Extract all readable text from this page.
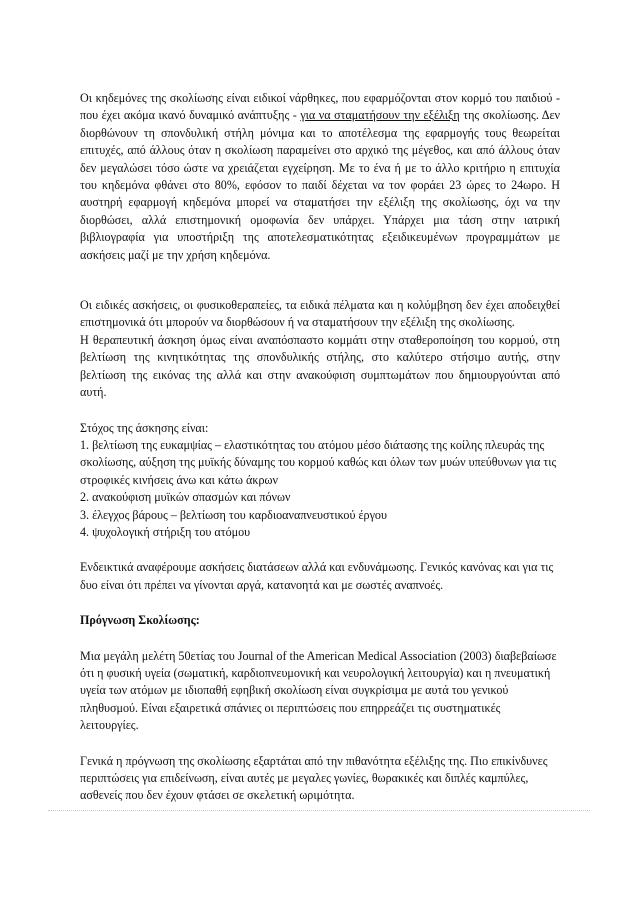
Οι κηδεμόνες της σκολίωσης είναι ειδικοί νάρθηκες, που εφαρμόζονται στον κορμό του παιδιού - που έχει ακόμα ικανό δυναμικό ανάπτυξης - για να σταματήσουν την εξέλιξη της σκολίωσης. Δεν διορθώνουν τη σπονδυλική στήλη μόνιμα και το αποτέλεσμα της εφαρμογής τους θεωρείται επιτυχές, από άλλους όταν η σκολίωση παραμείνει στο αρχικό της μέγεθος, και από άλλους όταν δεν μεγαλώσει τόσο ώστε να χρειάζεται εγχείρηση. Με το ένα ή με το άλλο κριτήριο η επιτυχία του κηδεμόνα φθάνει στο 80%, εφόσον το παιδί δέχεται να τον φοράει 23 ώρες το 24ωρο. Η αυστηρή εφαρμογή κηδεμόνα μπορεί να σταματήσει την εξέλιξη της σκολίωσης, όχι να την διορθώσει, αλλά επιστημονική ομοφωνία δεν υπάρχει. Υπάρχει μια τάση στην ιατρική βιβλιογραφία για υποστήριξη της αποτελεσματικότητας εξειδικευμένων προγραμμάτων με ασκήσεις μαζί με την χρήση κηδεμόνα.

Οι ειδικές ασκήσεις, οι φυσικοθεραπείες, τα ειδικά πέλματα και η κολύμβηση δεν έχει αποδειχθεί επιστημονικά ότι μπορούν να διορθώσουν ή να σταματήσουν την εξέλιξη της σκολίωσης.

Η θεραπευτική άσκηση όμως είναι αναπόσπαστο κομμάτι στην σταθεροποίηση του κορμού, στη βελτίωση της κινητικότητας της σπονδυλικής στήλης, στο καλύτερο στήσιμο αυτής, στην βελτίωση της εικόνας της αλλά και στην ανακούφιση συμπτωμάτων που δημιουργούνται από αυτή.

Στόχος της άσκησης είναι:

1. βελτίωση της ευκαμψίας – ελαστικότητας του ατόμου μέσο διάτασης της κοίλης πλευράς της σκολίωσης, αύξηση της μυϊκής δύναμης του κορμού καθώς και όλων των μυών υπεύθυνων για τις στροφικές κινήσεις άνω και κάτω άκρων

2. ανακούφιση μυϊκών σπασμών και πόνων

3. έλεγχος βάρους – βελτίωση του καρδιοαναπνευστικού έργου

4. ψυχολογική στήριξη του ατόμου

Ενδεικτικά αναφέρουμε ασκήσεις διατάσεων αλλά και ενδυνάμωσης. Γενικός κανόνας και για τις δυο είναι ότι πρέπει να γίνονται αργά, κατανοητά και με σωστές αναπνοές.

Πρόγνωση Σκολίωσης:

Μια μεγάλη μελέτη 50ετίας του Journal of the American Medical Association (2003) διαβεβαίωσε ότι η φυσική υγεία (σωματική, καρδιοπνευμονική και νευρολογική λειτουργία) και η πνευματική υγεία των ατόμων με ιδιοπαθή εφηβική σκολίωση είναι συγκρίσιμα με αυτά του γενικού πληθυσμού. Είναι εξαιρετικά σπάνιες οι περιπτώσεις που επηρρεάζει τις συστηματικές λειτουργίες.

Γενικά η πρόγνωση της σκολίωσης εξαρτάται από την πιθανότητα εξέλιξης της. Πιο επικίνδυνες περιπτώσεις για επιδείνωση, είναι αυτές με μεγαλες γωνίες, θωρακικές και διπλές καμπύλες, ασθενείς που δεν έχουν φτάσει σε σκελετική ωριμότητα.
